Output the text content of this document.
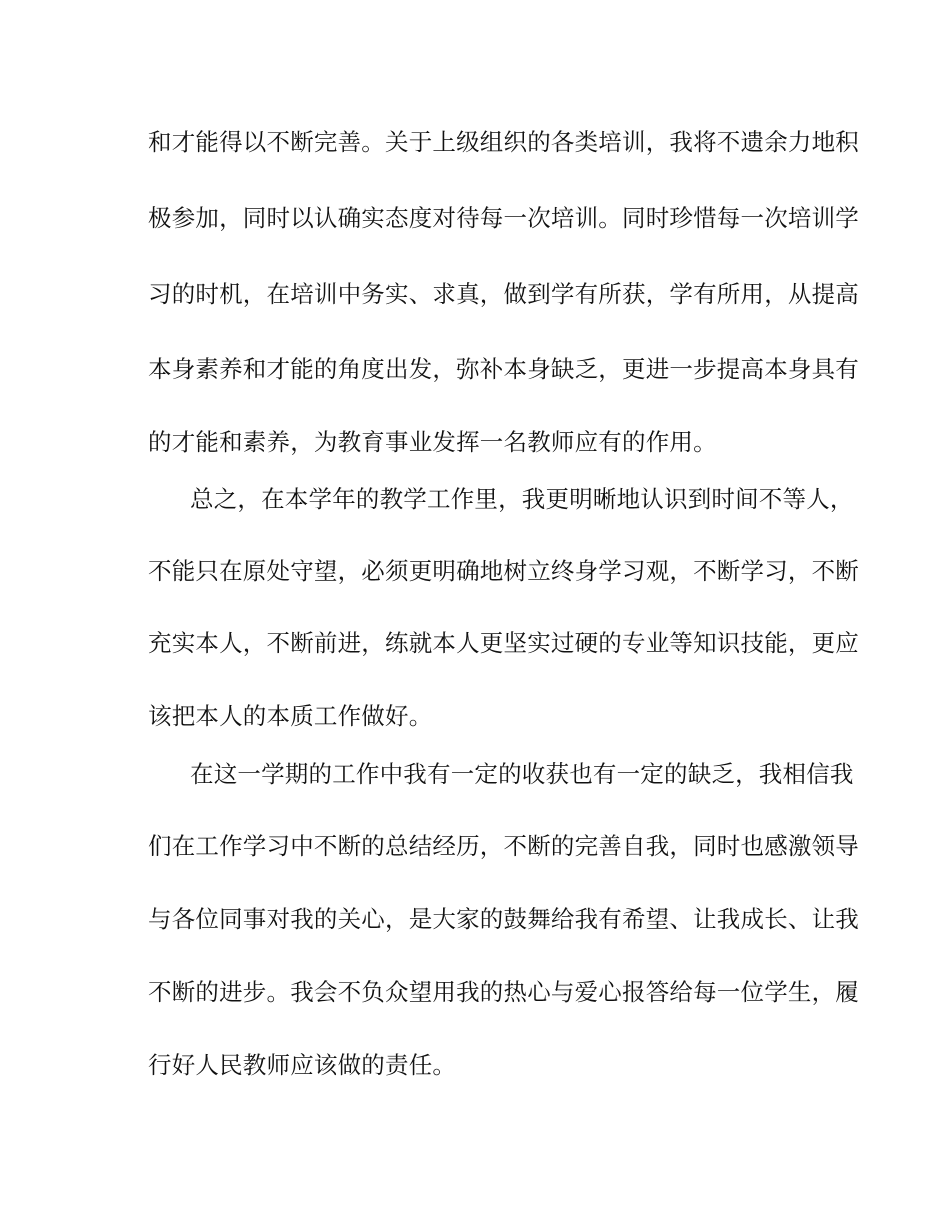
和才能得以不断完善。关于上级组织的各类培训，我将不遗余力地积
极参加，同时以认确实态度对待每一次培训。同时珍惜每一次培训学
习的时机，在培训中务实、求真，做到学有所获，学有所用，从提高
本身素养和才能的角度出发，弥补本身缺乏，更进一步提高本身具有
的才能和素养，为教育事业发挥一名教师应有的作用。
总之，在本学年的教学工作里，我更明晰地认识到时间不等人，
不能只在原处守望，必须更明确地树立终身学习观，不断学习，不断
充实本人，不断前进，练就本人更坚实过硬的专业等知识技能，更应
该把本人的本质工作做好。
在这一学期的工作中我有一定的收获也有一定的缺乏，我相信我
们在工作学习中不断的总结经历，不断的完善自我，同时也感激领导
与各位同事对我的关心，是大家的鼓舞给我有希望、让我成长、让我
不断的进步。我会不负众望用我的热心与爱心报答给每一位学生，履
行好人民教师应该做的责任。
